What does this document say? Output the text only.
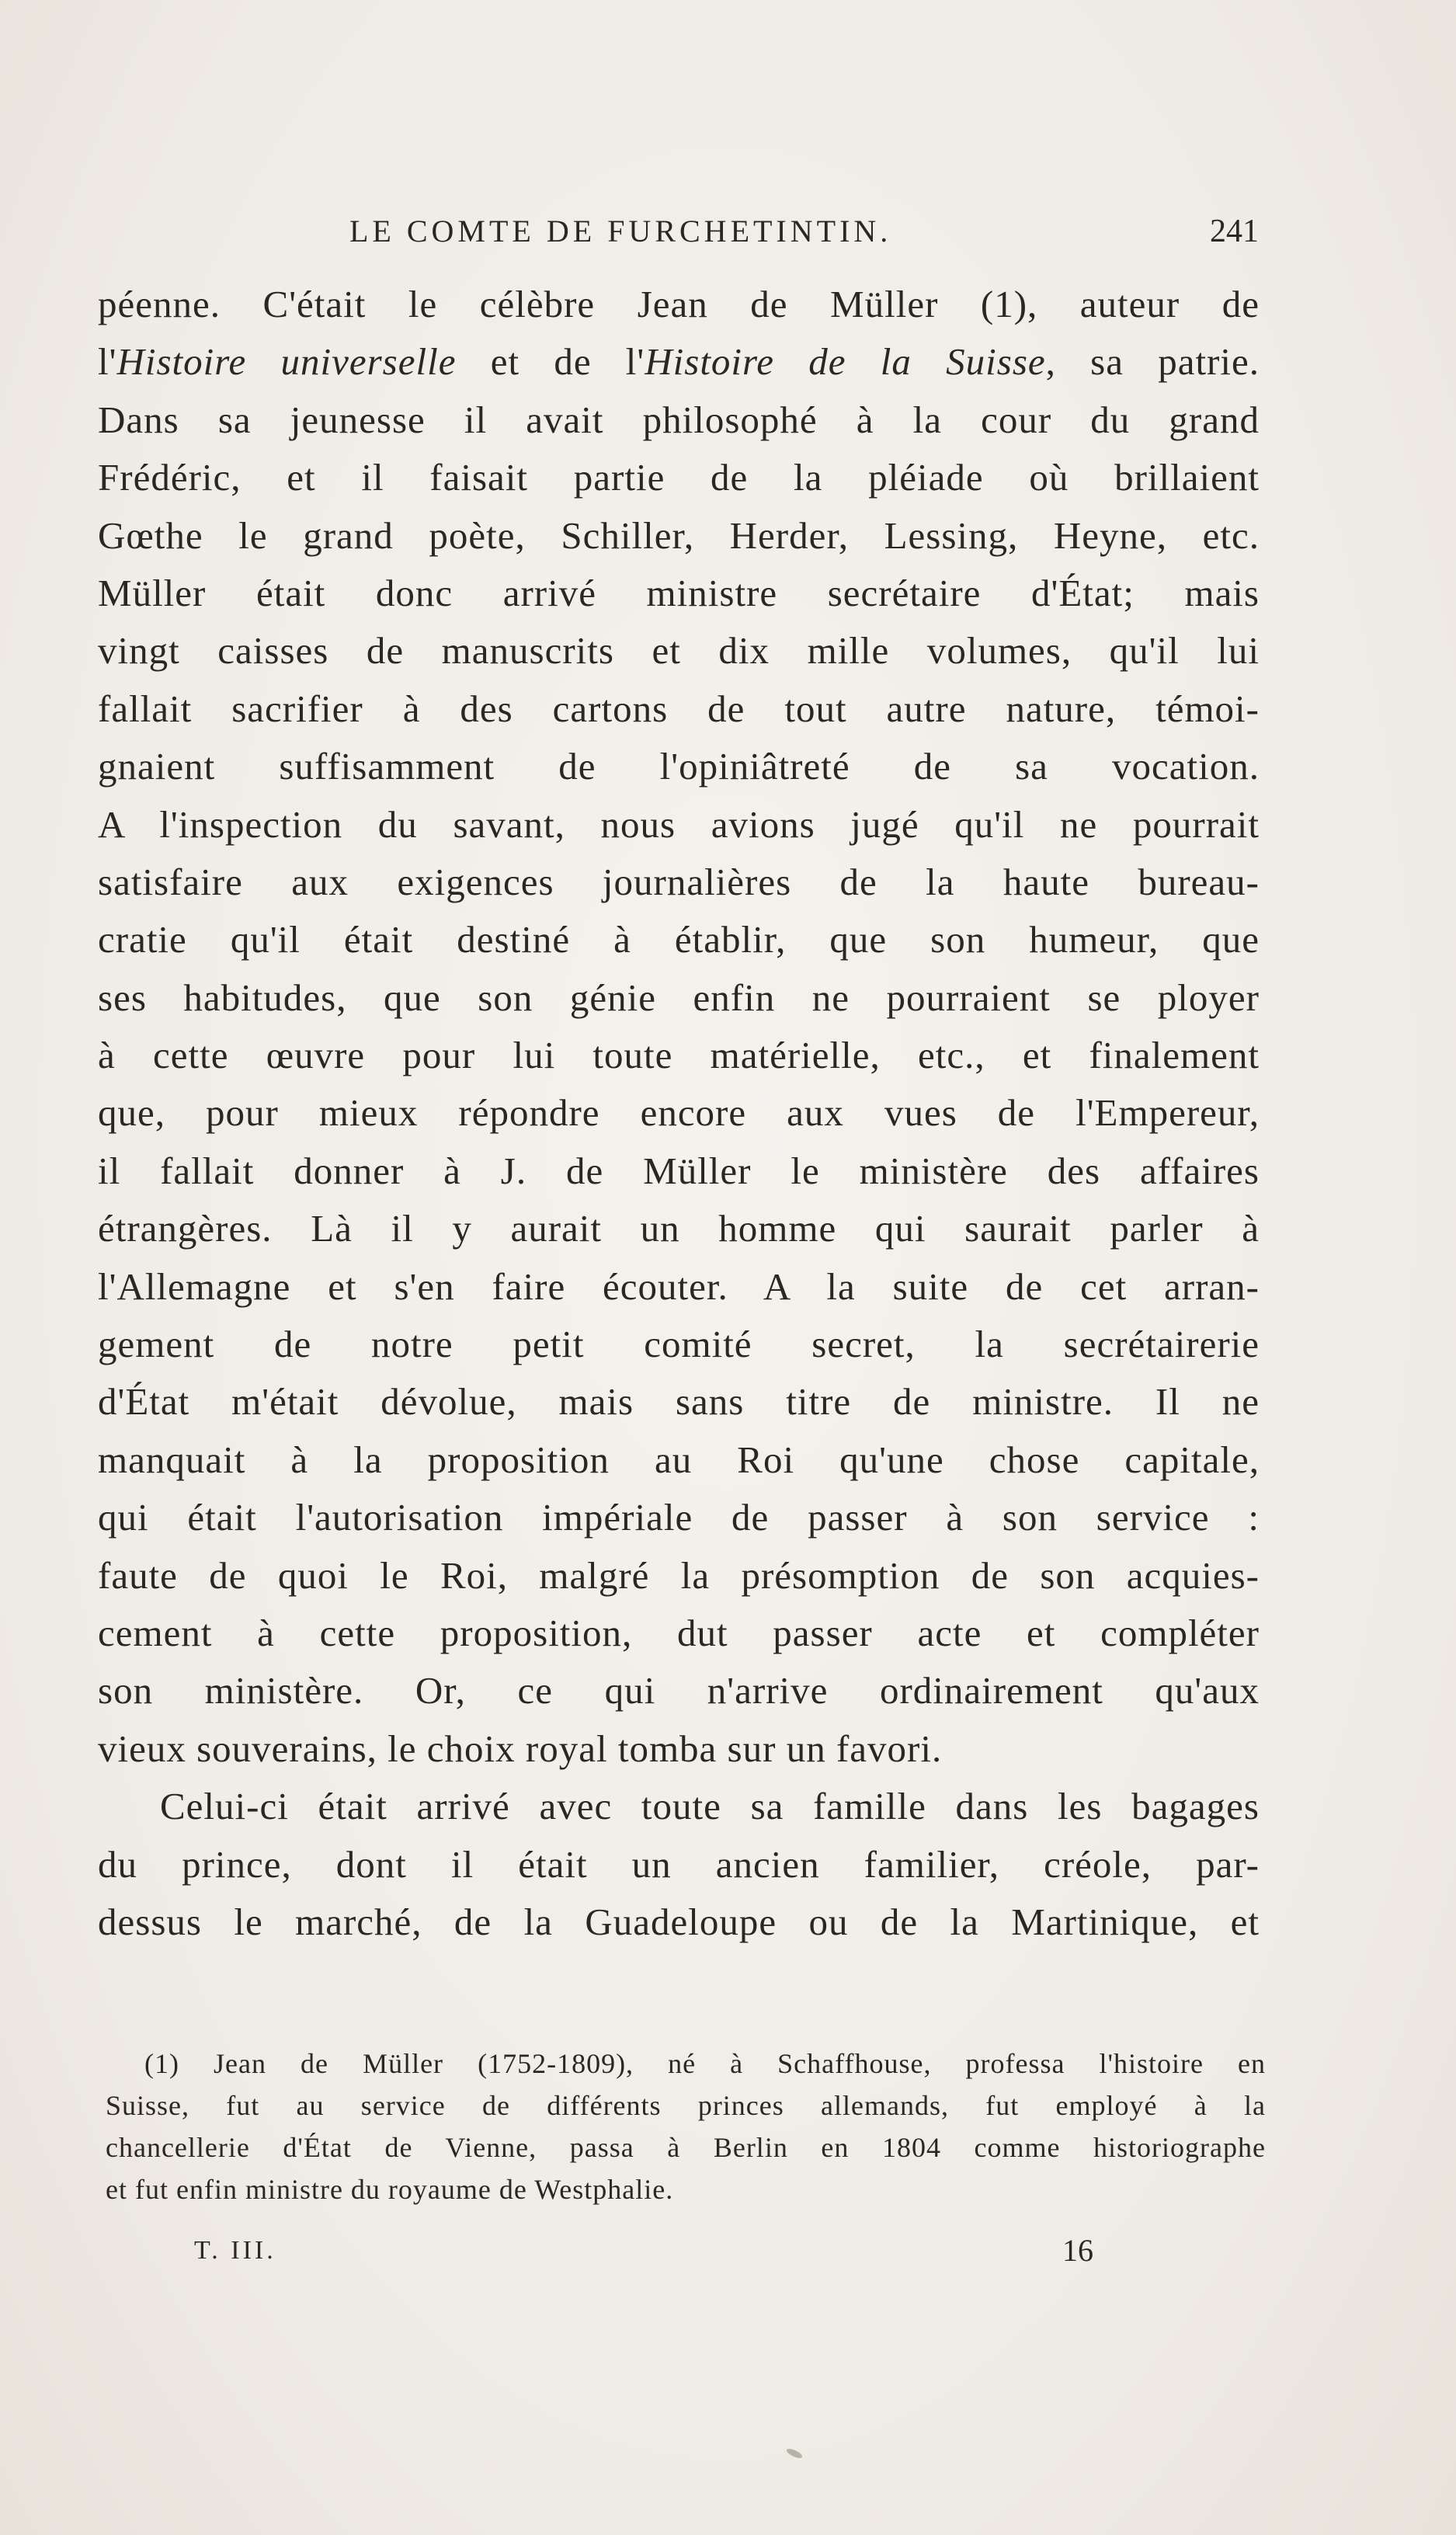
LE COMTE DE FURCHETINTIN.	241
péenne. C'était le célèbre Jean de Müller (1), auteur de
l'Histoire universelle et de l'Histoire de la Suisse, sa patrie.
Dans sa jeunesse il avait philosophé à la cour du grand
Frédéric, et il faisait partie de la pléiade où brillaient
Gœthe le grand poète, Schiller, Herder, Lessing, Heyne, etc.
Müller était donc arrivé ministre secrétaire d'État; mais
vingt caisses de manuscrits et dix mille volumes, qu'il lui
fallait sacrifier à des cartons de tout autre nature, témoi-
gnaient suffisamment de l'opiniâtreté de sa vocation.
A l'inspection du savant, nous avions jugé qu'il ne pourrait
satisfaire aux exigences journalières de la haute bureau-
cratie qu'il était destiné à établir, que son humeur, que
ses habitudes, que son génie enfin ne pourraient se ployer
à cette œuvre pour lui toute matérielle, etc., et finalement
que, pour mieux répondre encore aux vues de l'Empereur,
il fallait donner à J. de Müller le ministère des affaires
étrangères. Là il y aurait un homme qui saurait parler à
l'Allemagne et s'en faire écouter. A la suite de cet arran-
gement de notre petit comité secret, la secrétairerie
d'État m'était dévolue, mais sans titre de ministre. Il ne
manquait à la proposition au Roi qu'une chose capitale,
qui était l'autorisation impériale de passer à son service :
faute de quoi le Roi, malgré la présomption de son acquies-
cement à cette proposition, dut passer acte et compléter
son ministère. Or, ce qui n'arrive ordinairement qu'aux
vieux souverains, le choix royal tomba sur un favori.
Celui-ci était arrivé avec toute sa famille dans les bagages
du prince, dont il était un ancien familier, créole, par-
dessus le marché, de la Guadeloupe ou de la Martinique, et
(1) Jean de Müller (1752-1809), né à Schaffhouse, professa l'histoire en
Suisse, fut au service de différents princes allemands, fut employé à la
chancellerie d'État de Vienne, passa à Berlin en 1804 comme historiographe
et fut enfin ministre du royaume de Westphalie.
T. III.	16
